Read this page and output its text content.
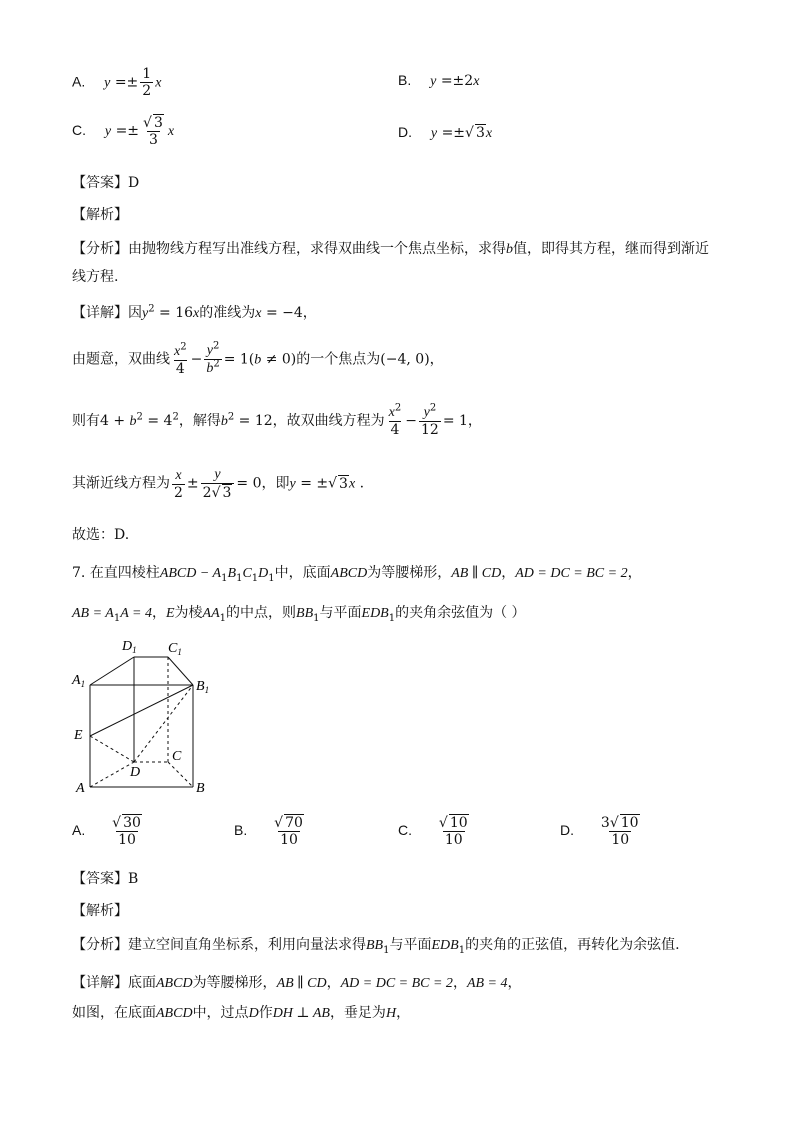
A. $y =\pm \frac{1}{2}$ x	B. y =±2x
C. $y =\pm \frac{√ 3}{3}$ x	D. y =±√ 3x
【答案】D
【解析】
【分析】由抛物线方程写出准线方程，求得双曲线一个焦点坐标，求得b值，即得其方程，继而得到渐近
线方程.
【详解】因$y^2 = 16x$的准线为x = −4，
由题意，双曲线 $\frac{x^2}{4} - \frac{y^2}{b^2} = 1(b \ne 0)$的一个焦点为(−4, 0)，
则有$4 + b^2 = 4^2$，解得$b^2 = 12$，故双曲线方程为 $\frac{x^2}{4} - \frac{y^2}{12} = 1$，
其渐近线方程为 $\frac{x}{2} \pm \frac{y}{2√ 3} = 0$，即y = ±√ 3x .
故选：D.
7. 在直四棱柱ABCD − $A_1B_1C_1D_1$中，底面ABCD为等腰梯形，AB ∥ CD，AD = DC = BC = 2，
AB = $A_1A = 4$，E为棱$AA_1$的中点，则$BB_1$与平面$EDB_1$的夹角余弦值为（ ）
$D_1$ $C_1$
$A_1$	$B_1$
E
D
C
A	B
A. $\frac{√ 30}{10}$	B. $\frac{√ 70}{10}$	C. $\frac{√ 10}{10}$	D. $\frac{3√ 10}{10}$
【答案】B
【解析】
【分析】建立空间直角坐标系，利用向量法求得$BB_1$与平面$EDB_1$的夹角的正弦值，再转化为余弦值.
【详解】底面ABCD为等腰梯形，AB ∥ CD，AD = DC = BC = 2，AB = 4，
如图，在底面ABCD中，过点D作DH ⊥ AB，垂足为H，
